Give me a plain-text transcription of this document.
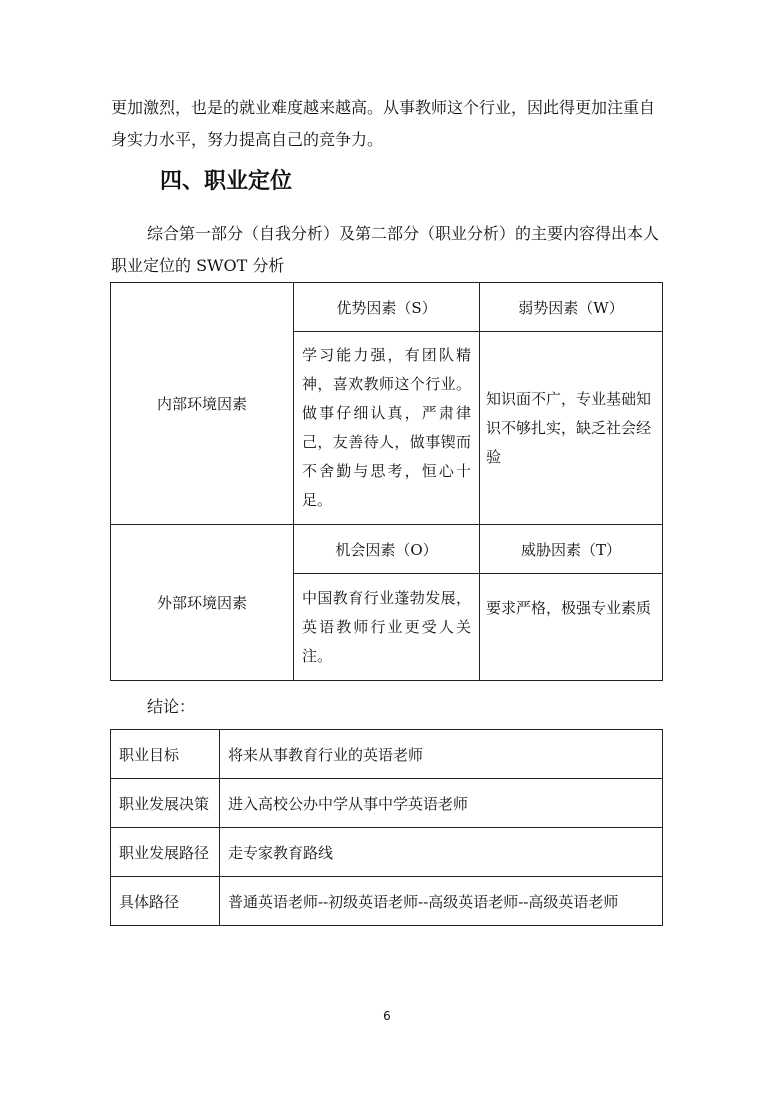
更加激烈，也是的就业难度越来越高。从事教师这个行业，因此得更加注重自身实力水平，努力提高自己的竞争力。

四、职业定位

综合第一部分（自我分析）及第二部分（职业分析）的主要内容得出本人职业定位的 SWOT 分析

内部环境因素	优势因素（S）	弱势因素（W）
	学习能力强，有团队精神，喜欢教师这个行业。做事仔细认真，严肃律己，友善待人，做事锲而不舍勤与思考，恒心十足。	知识面不广，专业基础知识不够扎实，缺乏社会经验
外部环境因素	机会因素（O）	威胁因素（T）
	中国教育行业蓬勃发展，英语教师行业更受人关注。	要求严格，极强专业素质

结论：

职业目标	将来从事教育行业的英语老师
职业发展决策	进入高校公办中学从事中学英语老师
职业发展路径	走专家教育路线
具体路径	普通英语老师--初级英语老师--高级英语老师--高级英语老师
6
